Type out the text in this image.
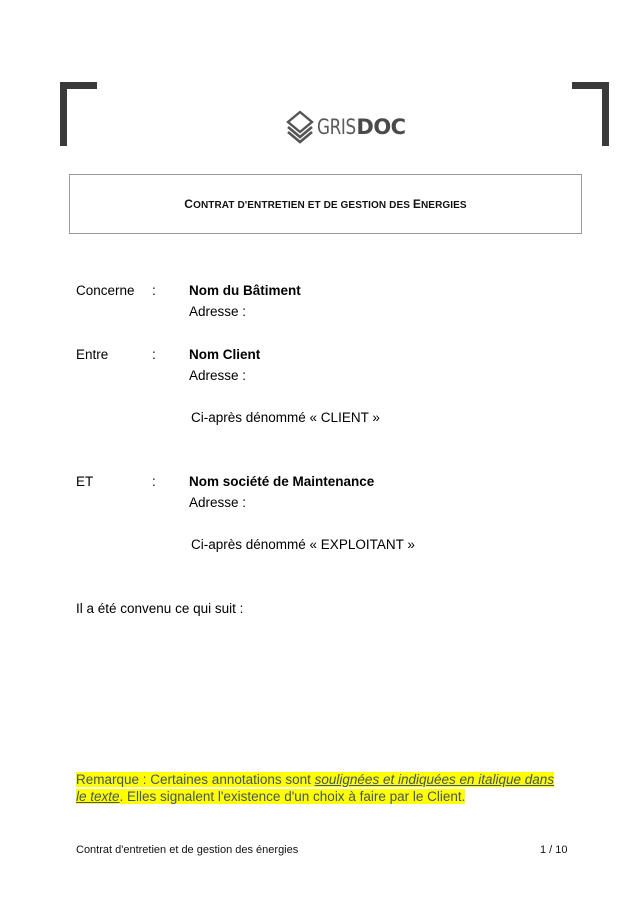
GRISDOC
CONTRAT D'ENTRETIEN ET DE GESTION DES ENERGIES
Concerne : Nom du Bâtiment
Adresse :
Entre	: Nom Client
Adresse :
Ci-après dénommé « CLIENT »
ET	: Nom société de Maintenance
Adresse :
Ci-après dénommé « EXPLOITANT »
Il a été convenu ce qui suit :
Remarque : Certaines annotations sont soulignées et indiquées en italique dans le texte. Elles signalent l'existence d'un choix à faire par le Client.
Contrat d'entretien et de gestion des énergies	1 / 10
